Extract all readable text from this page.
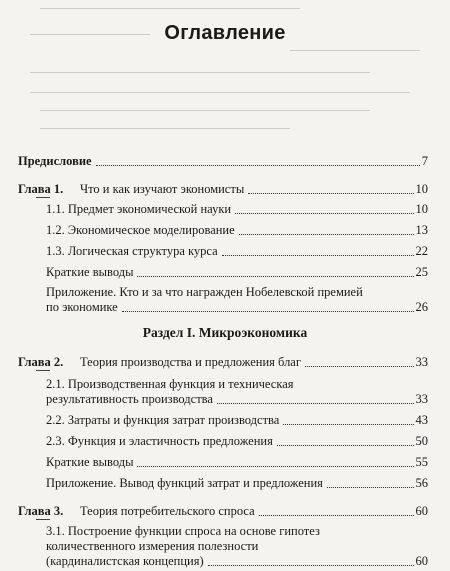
Оглавление
Предисловие	7
Глава 1.	Что и как изучают экономисты	10
1.1. Предмет экономической науки	10
1.2. Экономическое моделирование	13
1.3. Логическая структура курса	22
Краткие выводы	25
Приложение. Кто и за что награжден Нобелевской премией
по экономике	26
Раздел I. Микроэкономика
Глава 2.	Теория производства и предложения благ	33
2.1. Производственная функция и техническая
результативность производства	33
2.2. Затраты и функция затрат производства	43
2.3. Функция и эластичность предложения	50
Краткие выводы	55
Приложение. Вывод функций затрат и предложения	56
Глава 3.	Теория потребительского спроса	60
3.1. Построение функции спроса на основе гипотез
количественного измерения полезности
(кардиналистская концепция)	60
